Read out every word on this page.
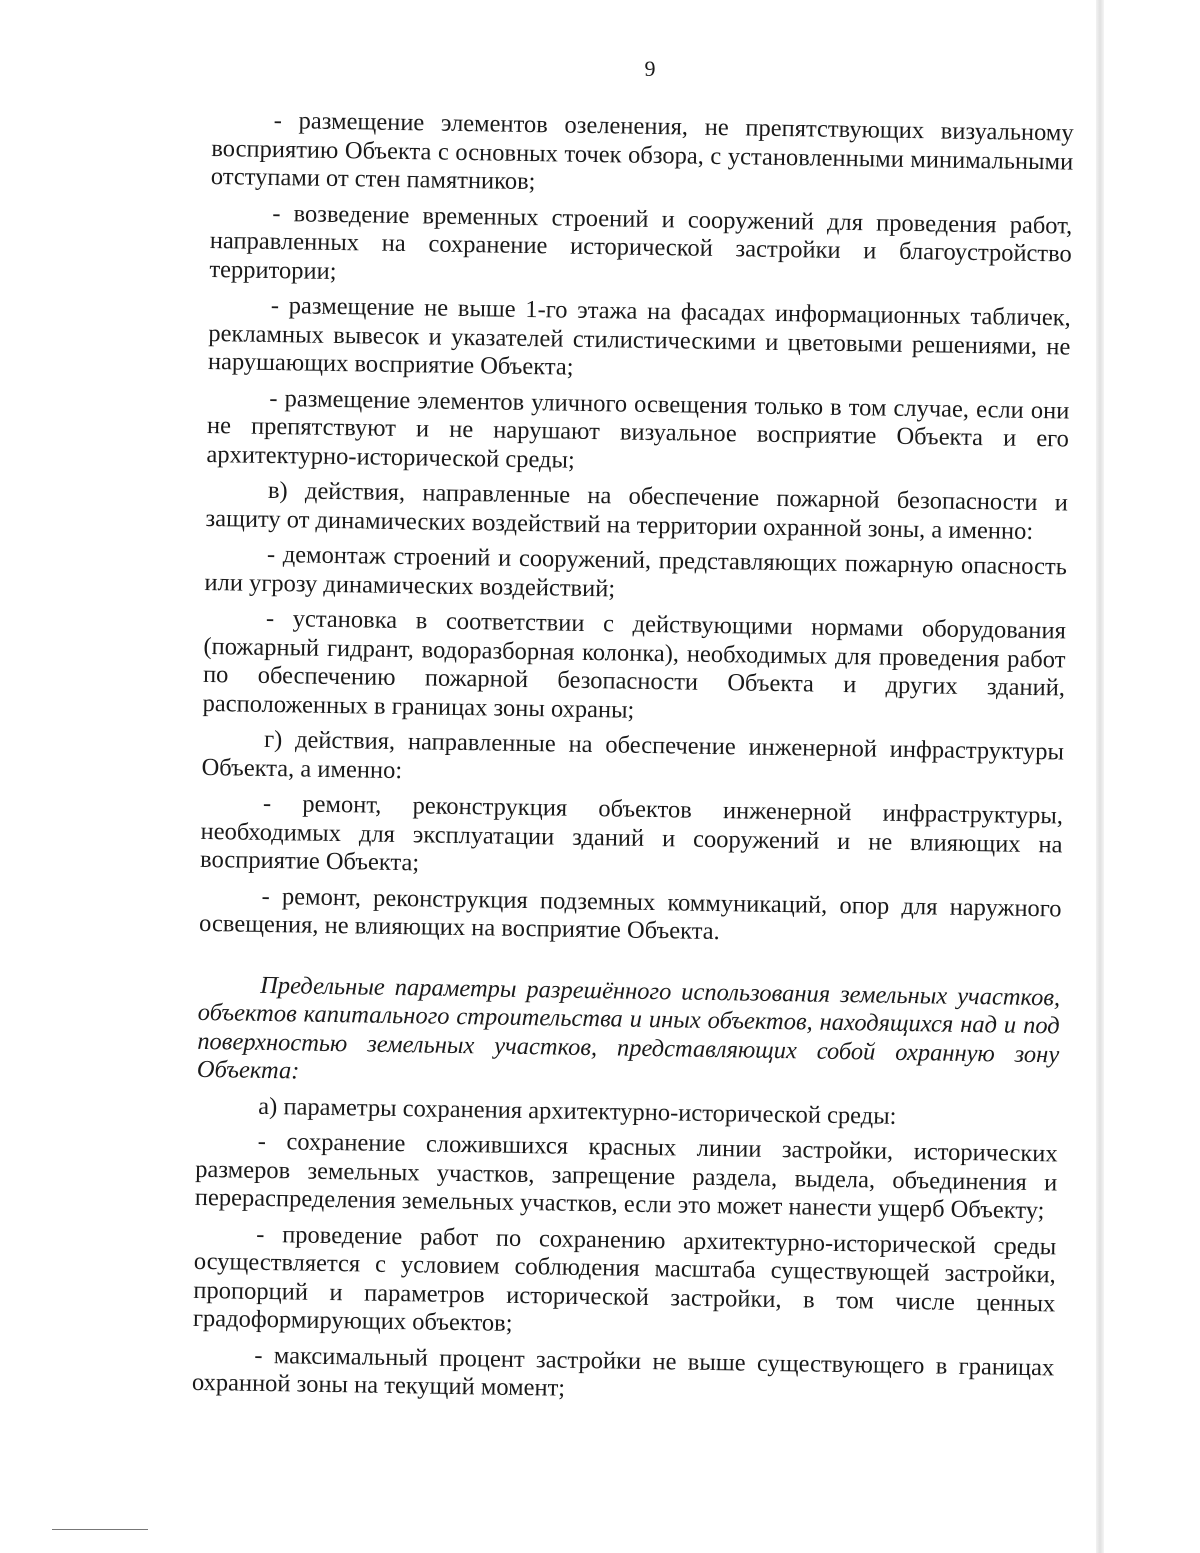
9

- размещение элементов озеленения, не препятствующих визуальному восприятию Объекта с основных точек обзора, с установленными минимальными отступами от стен памятников;

- возведение временных строений и сооружений для проведения работ, направленных на сохранение исторической застройки и благоустройство территории;

- размещение не выше 1-го этажа на фасадах информационных табличек, рекламных вывесок и указателей стилистическими и цветовыми решениями, не нарушающих восприятие Объекта;

- размещение элементов уличного освещения только в том случае, если они не препятствуют и не нарушают визуальное восприятие Объекта и его архитектурно-исторической среды;

в) действия, направленные на обеспечение пожарной безопасности и защиту от динамических воздействий на территории охранной зоны, а именно:

- демонтаж строений и сооружений, представляющих пожарную опасность или угрозу динамических воздействий;

- установка в соответствии с действующими нормами оборудования (пожарный гидрант, водоразборная колонка), необходимых для проведения работ по обеспечению пожарной безопасности Объекта и других зданий, расположенных в границах зоны охраны;

г) действия, направленные на обеспечение инженерной инфраструктуры Объекта, а именно:

- ремонт, реконструкция объектов инженерной инфраструктуры, необходимых для эксплуатации зданий и сооружений и не влияющих на восприятие Объекта;

- ремонт, реконструкция подземных коммуникаций, опор для наружного освещения, не влияющих на восприятие Объекта.

Предельные параметры разрешённого использования земельных участков, объектов капитального строительства и иных объектов, находящихся над и под поверхностью земельных участков, представляющих собой охранную зону Объекта:

а) параметры сохранения архитектурно-исторической среды:

- сохранение сложившихся красных линии застройки, исторических размеров земельных участков, запрещение раздела, выдела, объединения и перераспределения земельных участков, если это может нанести ущерб Объекту;

- проведение работ по сохранению архитектурно-исторической среды осуществляется с условием соблюдения масштаба существующей застройки, пропорций и параметров исторической застройки, в том числе ценных градоформирующих объектов;

- максимальный процент застройки не выше существующего в границах охранной зоны на текущий момент;
